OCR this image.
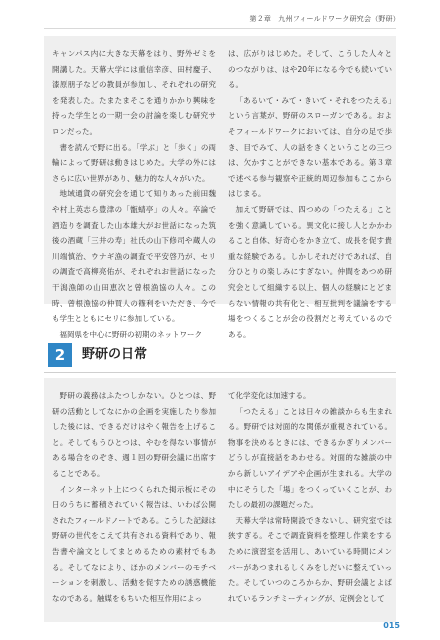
第２章　九州フィールドワーク研究会（野研）

キャンパス内に大きな天幕をはり、野外ゼミを開講した。天幕大学には重信幸彦、田村慶子、漆原朋子などの教員が参加し、それぞれの研究を発表した。たまたまそこを通りかかり興味を持った学生との一期一会の討論を楽しむ研究サロンだった。

書を読んで野に出る。「学ぶ」と「歩く」の両輪によって野研は動きはじめた。大学の外にはさらに広い世界があり、魅力的な人々がいた。

地域通貨の研究会を通じて知りあった前田魏や村上英志ら豊津の「甑蜻亭」の人々。卒論で酒造りを調査した山本雄大がお世話になった筑後の酒蔵「三井の寿」社氏の山下修司や蔵人の川端慎治、ウナギ漁の調査で平安啓乃が、セリの調査で高柳亮佑が、それぞれお世話になった干潟漁師の山田恵次と曾根漁協の人々。この時、曾根漁協の仲買人の篠利をいただき、今でも学生とともにセリに参加している。

福岡県を中心に野研の初期のネットワーク

は、広がりはじめた。そして、こうした人々とのつながりは、はや20年になる今でも続いている。

「あるいて・みて・きいて・それをつたえる」という言葉が、野研のスローガンである。およそフィールドワークにおいては、自分の足で歩き、目でみて、人の話をきくということの三つは、欠かすことができない基本である。第３章で述べる参与観察や正統的周辺参加もここからはじまる。

加えて野研では、四つめの「つたえる」ことを強く意識している。異文化に接し人とかかわること自体、好奇心をかき立て、成長を促す貴重な経験である。しかしそれだけであれば、自分ひとりの楽しみにすぎない。仲間をあつめ研究会として組織する以上、個人の経験にとどまらない情報の共有化と、相互批判を議論をする場をつくることが会の役割だと考えているのである。

2	野研の日常

野研の義務はふたつしかない。ひとつは、野研の活動としてなにかの企画を実施したり参加した後には、できるだけはやく報告を上げること。そしてもうひとつは、やむを得ない事情がある場合をのぞき、週１回の野研会議に出席することである。

インターネット上につくられた掲示板にその日のうちに蓄積されていく報告は、いわば公開されたフィールドノートである。こうした記録は野研の世代をこえて共有される資料であり、報告書や論文としてまとめるための素材でもある。そしてなにより、ほかのメンバーのモチベーションを刺激し、活動を促すための誘惑機能なのである。触媒をもちいた相互作用によっ

て化学変化は加速する。

「つたえる」ことは日々の雑談からも生まれる。野研では対面的な関係が重視されている。物事を決めるときには、できるかぎりメンバーどうしが直接話をあわせる。対面的な雑談の中から新しいアイデアや企画が生まれる。大学の中にそうした「場」をつくっていくことが、わたしの最初の課題だった。

天幕大学は常時開設できないし、研究室では狭すぎる。そこで調査資料を整理し作業をするために演習室を活用し、あいている時間にメンバーがあつまれるしくみをしだいに整えていった。そしていつのころからか、野研会議とよばれているランチミーティングが、定例会として

015
